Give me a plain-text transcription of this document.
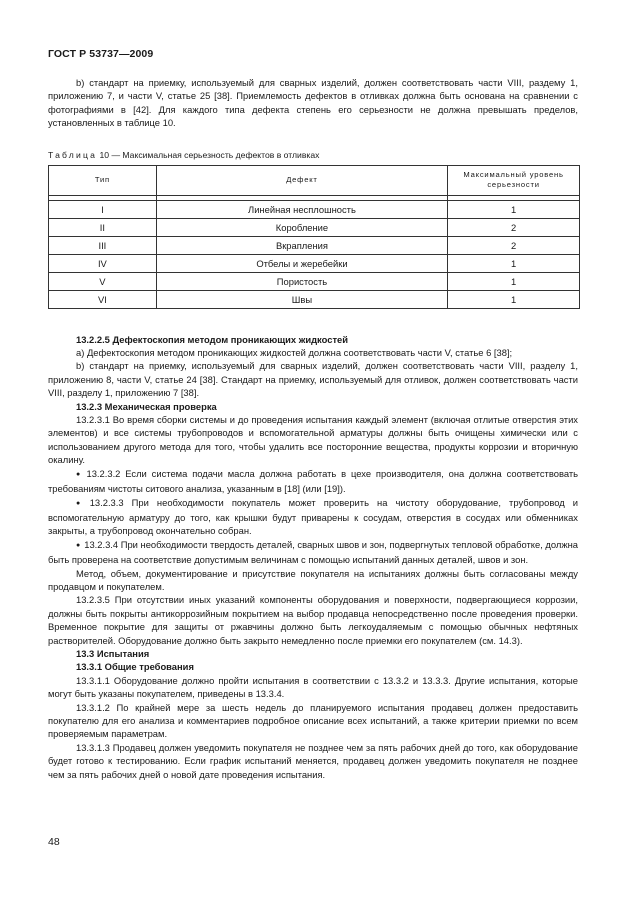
ГОСТ Р 53737—2009

b) стандарт на приемку, используемый для сварных изделий, должен соответствовать части VIII, раздему 1, приложению 7, и части V, статье 25 [38]. Приемлемость дефектов в отливках должна быть основана на сравнении с фотографиями в [42]. Для каждого типа дефекта степень его серьезности не должна превышать пределов, установленных в таблице 10.

Таблица 10 — Максимальная серьезность дефектов в отливках
Тип	Дефект	Максимальный уровень серьезности

I	Линейная несплошность	1
II	Коробление	2
III	Вкрапления	2
IV	Отбелы и жеребейки	1
V	Пористость	1
VI	Швы	1

13.2.2.5 Дефектоскопия методом проникающих жидкостей

a) Дефектоскопия методом проникающих жидкостей должна соответствовать части V, статье 6 [38];

b) стандарт на приемку, используемый для сварных изделий, должен соответствовать части VIII, разделу 1, приложению 8, части V, статье 24 [38]. Стандарт на приемку, используемый для отливок, должен соответствовать части VIII, разделу 1, приложению 7 [38].

13.2.3 Механическая проверка

13.2.3.1 Во время сборки системы и до проведения испытания каждый элемент (включая отлитые отверстия этих элементов) и все системы трубопроводов и вспомогательной арматуры должны быть очищены химически или с использованием другого метода для того, чтобы удалить все посторонние вещества, продукты коррозии и вторичную окалину.

● 13.2.3.2 Если система подачи масла должна работать в цехе производителя, она должна соответствовать требованиям чистоты ситового анализа, указанным в [18] (или [19]).

● 13.2.3.3 При необходимости покупатель может проверить на чистоту оборудование, трубопровод и вспомогательную арматуру до того, как крышки будут приварены к сосудам, отверстия в сосудах или обменниках закрыты, а трубопровод окончательно собран.

● 13.2.3.4 При необходимости твердость деталей, сварных швов и зон, подвергнутых тепловой обработке, должна быть проверена на соответствие допустимым величинам с помощью испытаний данных деталей, швов и зон.

Метод, объем, документирование и присутствие покупателя на испытаниях должны быть согласованы между продавцом и покупателем.

13.2.3.5 При отсутствии иных указаний компоненты оборудования и поверхности, подвергающиеся коррозии, должны быть покрыты антикоррозийным покрытием на выбор продавца непосредственно после проведения проверки. Временное покрытие для защиты от ржавчины должно быть легкоудаляемым с помощью обычных нефтяных растворителей. Оборудование должно быть закрыто немедленно после приемки его покупателем (см. 14.3).

13.3 Испытания

13.3.1 Общие требования

13.3.1.1 Оборудование должно пройти испытания в соответствии с 13.3.2 и 13.3.3. Другие испытания, которые могут быть указаны покупателем, приведены в 13.3.4.

13.3.1.2 По крайней мере за шесть недель до планируемого испытания продавец должен предоставить покупателю для его анализа и комментариев подробное описание всех испытаний, а также критерии приемки по всем проверяемым параметрам.

13.3.1.3 Продавец должен уведомить покупателя не позднее чем за пять рабочих дней до того, как оборудование будет готово к тестированию. Если график испытаний меняется, продавец должен уведомить покупателя не позднее чем за пять рабочих дней о новой дате проведения испытания.

48
